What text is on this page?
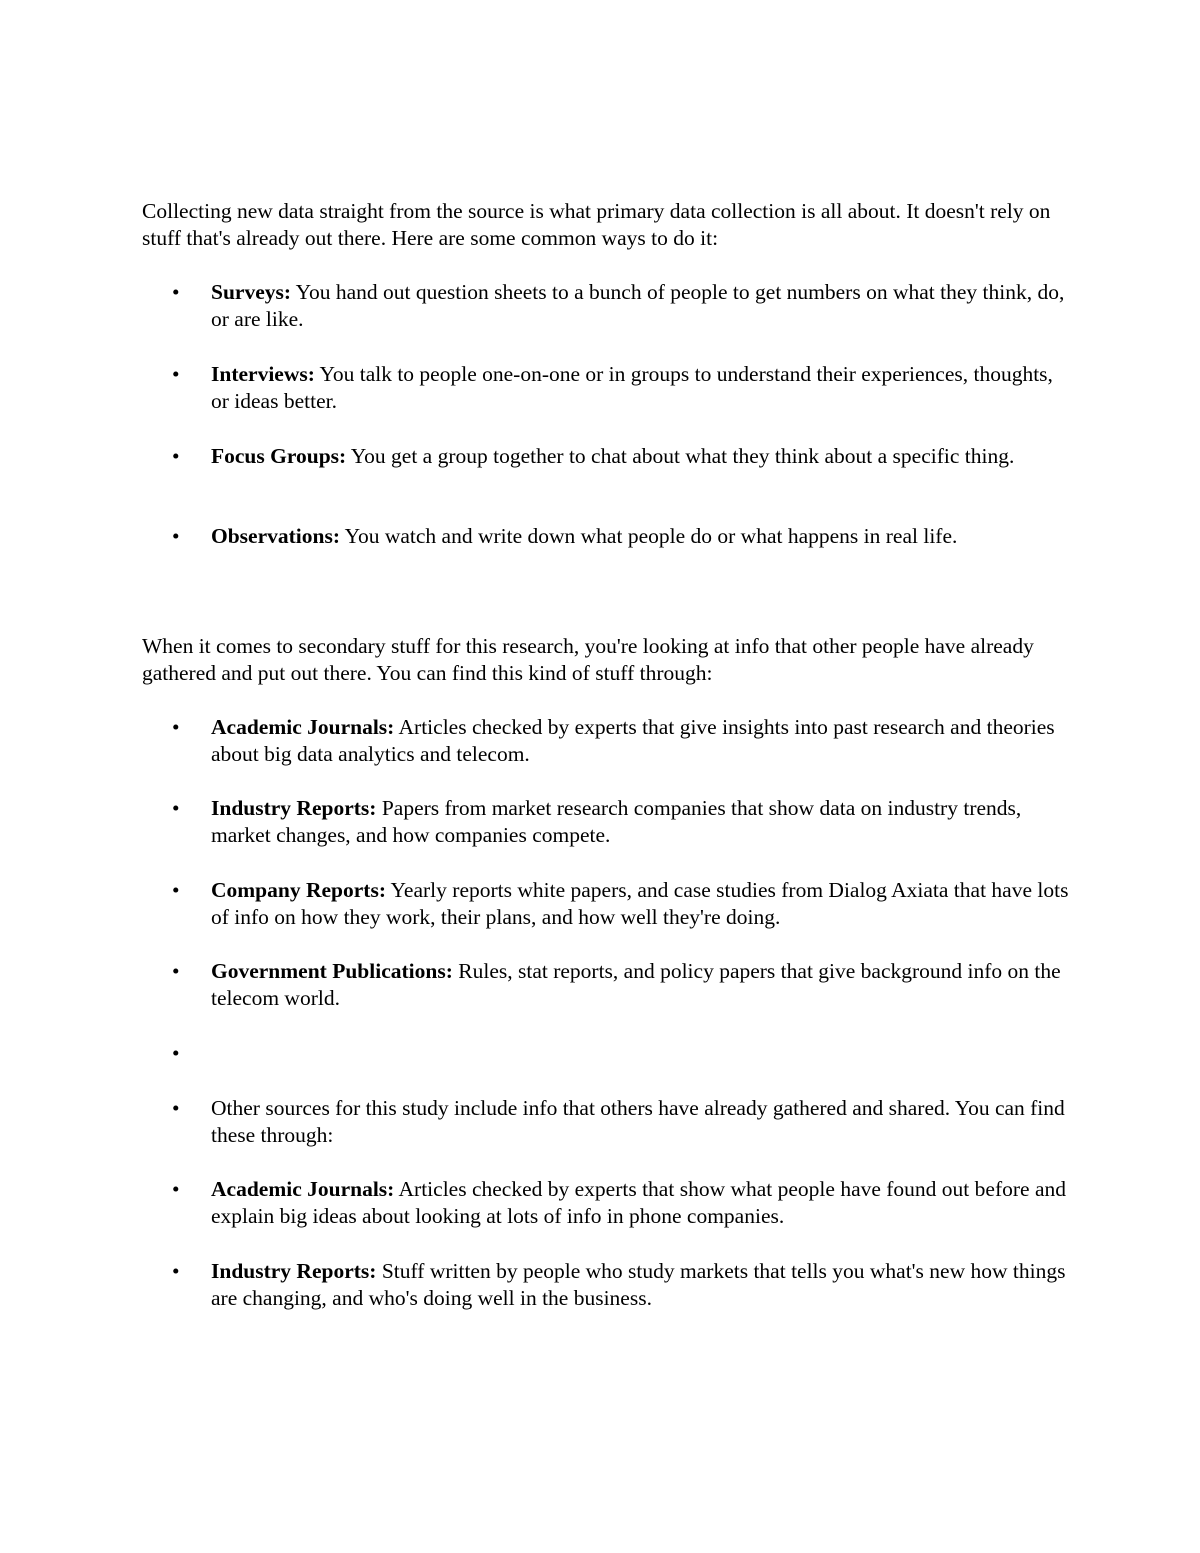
Collecting new data straight from the source is what primary data collection is all about. It doesn't rely on stuff that's already out there. Here are some common ways to do it:

• Surveys: You hand out question sheets to a bunch of people to get numbers on what they think, do, or are like.

• Interviews: You talk to people one-on-one or in groups to understand their experiences, thoughts, or ideas better.

• Focus Groups: You get a group together to chat about what they think about a specific thing.

• Observations: You watch and write down what people do or what happens in real life.

When it comes to secondary stuff for this research, you're looking at info that other people have already gathered and put out there. You can find this kind of stuff through:

• Academic Journals: Articles checked by experts that give insights into past research and theories about big data analytics and telecom.

• Industry Reports: Papers from market research companies that show data on industry trends, market changes, and how companies compete.

• Company Reports: Yearly reports white papers, and case studies from Dialog Axiata that have lots of info on how they work, their plans, and how well they're doing.

• Government Publications: Rules, stat reports, and policy papers that give background info on the telecom world.

•

• Other sources for this study include info that others have already gathered and shared. You can find these through:

• Academic Journals: Articles checked by experts that show what people have found out before and explain big ideas about looking at lots of info in phone companies.

• Industry Reports: Stuff written by people who study markets that tells you what's new how things are changing, and who's doing well in the business.
